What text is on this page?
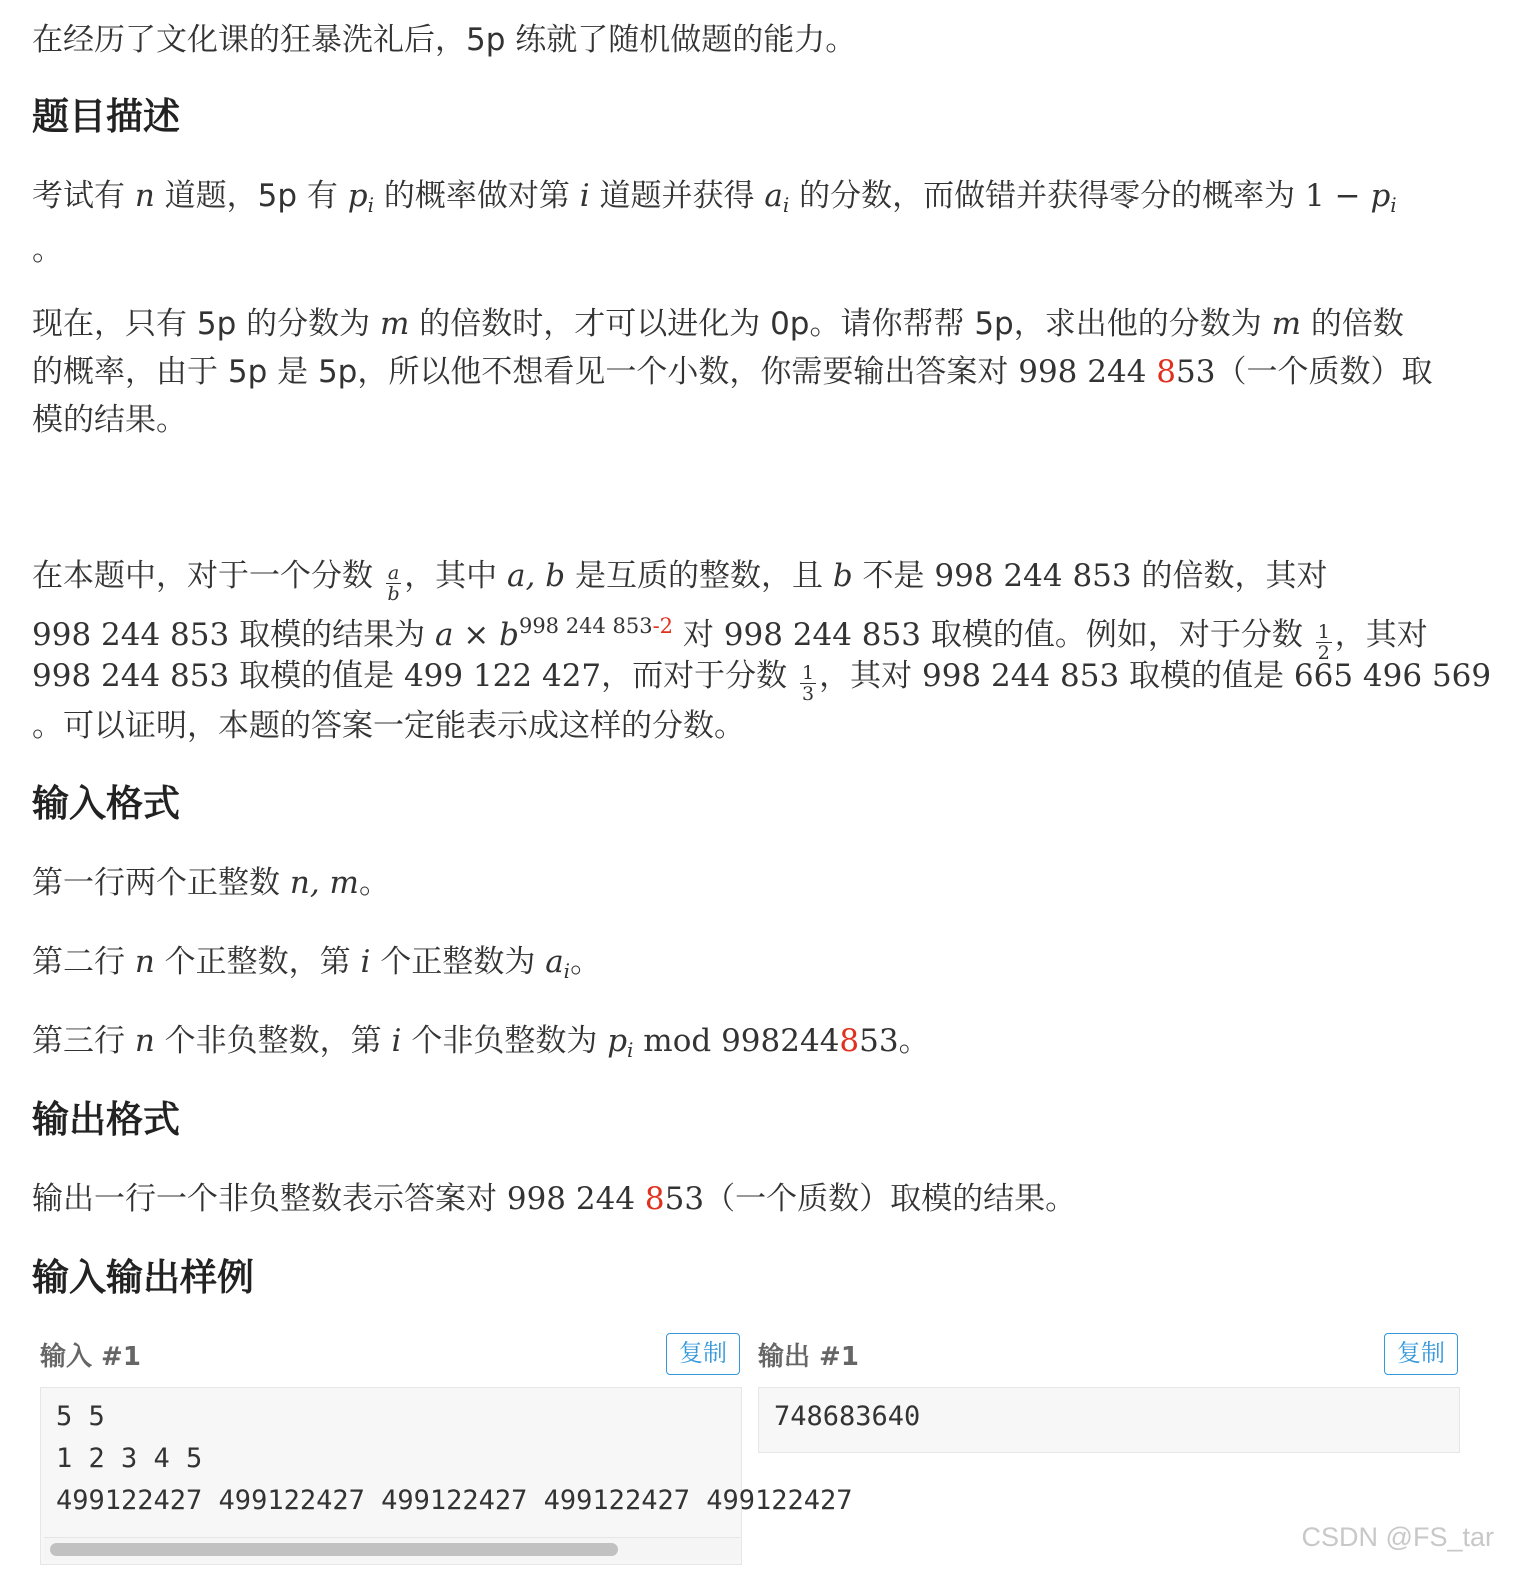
在经历了文化课的狂暴洗礼后，5p 练就了随机做题的能力。

题目描述

考试有 n 道题，5p 有 $p_i$ 的概率做对第 i 道题并获得 $a_i$ 的分数，而做错并获得零分的概率为 $1 - p_i$

。

现在，只有 5p 的分数为 m 的倍数时，才可以进化为 0p。请你帮帮 5p，求出他的分数为 m 的倍数

的概率，由于 5p 是 5p，所以他不想看见一个小数，你需要输出答案对 998 244 853（一个质数）取

模的结果。

在本题中，对于一个分数 $\frac{a}{b}$ ，其中 a, b 是互质的整数，且 b 不是 998 244 853 的倍数，其对

998 244 853 取模的结果为 $a \times b^{998 244 853-2}$ 对 998 244 853 取模的值。例如，对于分数 $\frac{1}{2}$ ，其对

998 244 853 取模的值是 499 122 427，而对于分数 $\frac{1}{3}$ ，其对 998 244 853 取模的值是 665 496 569

。可以证明，本题的答案一定能表示成这样的分数。

输入格式

第一行两个正整数 n, m。

第二行 n 个正整数，第 i 个正整数为 $a_i$。

第三行 n 个非负整数，第 i 个非负整数为 $p_i$ mod 998244853。

输出格式

输出一行一个非负整数表示答案对 998 244 853（一个质数）取模的结果。

输入输出样例
输入 #1	复制	输出 #1	复制
5 5
1 2 3 4 5
499122427 499122427 499122427 499122427 499122427
748683640
CSDN @FS_tar
